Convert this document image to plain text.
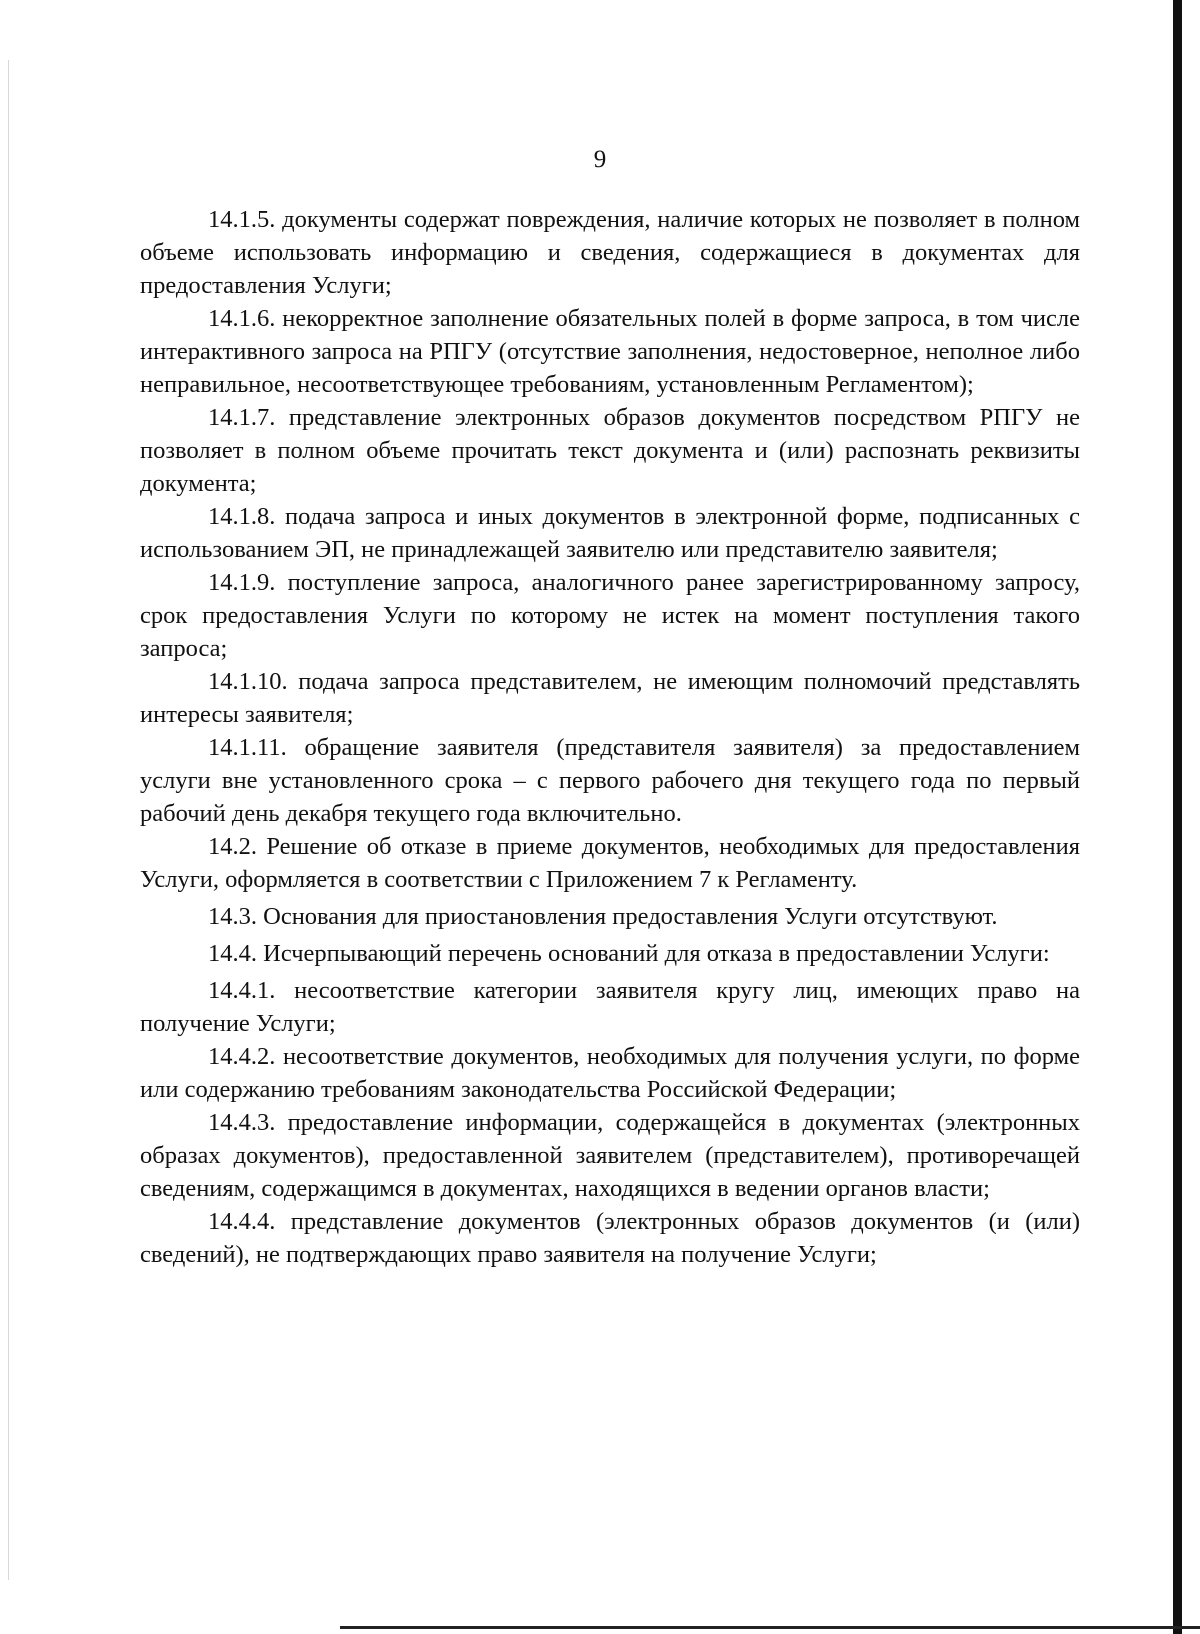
9

14.1.5. документы содержат повреждения, наличие которых не позволяет в полном объеме использовать информацию и сведения, содержащиеся в документах для предоставления Услуги;

14.1.6. некорректное заполнение обязательных полей в форме запроса, в том числе интерактивного запроса на РПГУ (отсутствие заполнения, недостоверное, неполное либо неправильное, несоответствующее требованиям, установленным Регламентом);

14.1.7. представление электронных образов документов посредством РПГУ не позволяет в полном объеме прочитать текст документа и (или) распознать реквизиты документа;

14.1.8. подача запроса и иных документов в электронной форме, подписанных с использованием ЭП, не принадлежащей заявителю или представителю заявителя;

14.1.9. поступление запроса, аналогичного ранее зарегистрированному запросу, срок предоставления Услуги по которому не истек на момент поступления такого запроса;

14.1.10. подача запроса представителем, не имеющим полномочий представлять интересы заявителя;

14.1.11. обращение заявителя (представителя заявителя) за предоставлением услуги вне установленного срока – с первого рабочего дня текущего года по первый рабочий день декабря текущего года включительно.

14.2. Решение об отказе в приеме документов, необходимых для предоставления Услуги, оформляется в соответствии с Приложением 7 к Регламенту.

14.3. Основания для приостановления предоставления Услуги отсутствуют.

14.4. Исчерпывающий перечень оснований для отказа в предоставлении Услуги:

14.4.1. несоответствие категории заявителя кругу лиц, имеющих право на получение Услуги;

14.4.2. несоответствие документов, необходимых для получения услуги, по форме или содержанию требованиям законодательства Российской Федерации;

14.4.3. предоставление информации, содержащейся в документах (электронных образах документов), предоставленной заявителем (представителем), противоречащей сведениям, содержащимся в документах, находящихся в ведении органов власти;

14.4.4. представление документов (электронных образов документов (и (или) сведений), не подтверждающих право заявителя на получение Услуги;
